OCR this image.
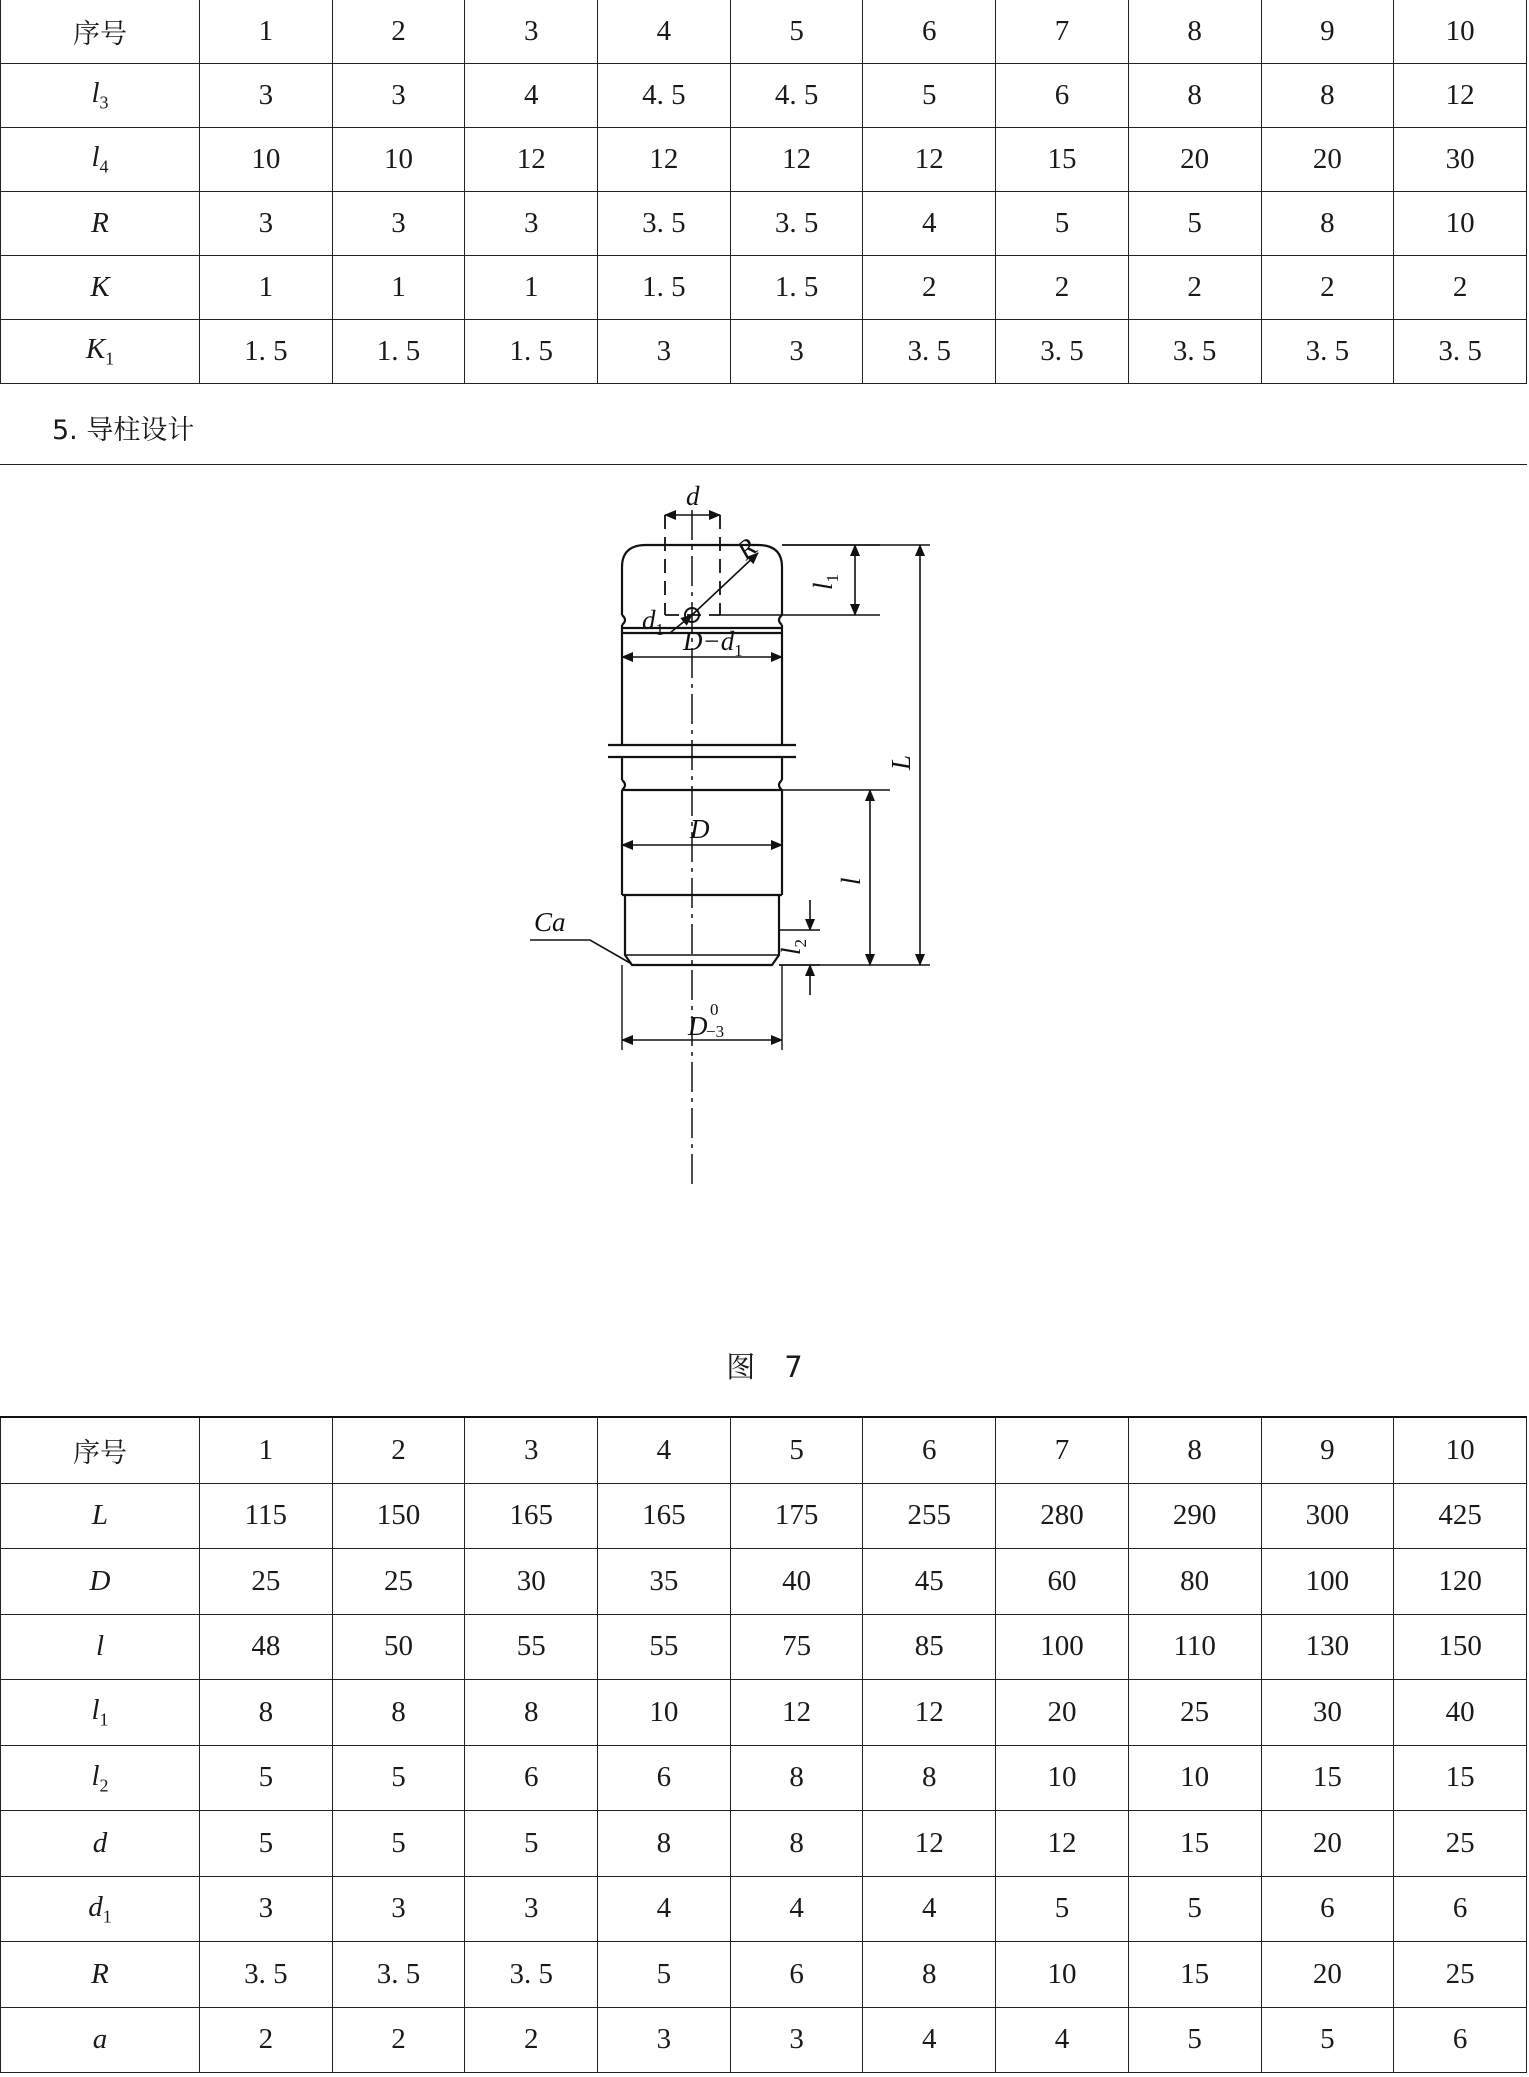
序号	1	2	3	4	5	6	7	8	9	10
$l_3$	3	3	4	4. 5	4. 5	5	6	8	8	12
$l_4$	10	10	12	12	12	12	15	20	20	30
R	3	3	3	3. 5	3. 5	4	5	5	8	10
K	1	1	1	1. 5	1. 5	2	2	2	2	2
$K_1$	1. 5	1. 5	1. 5	3	3	3. 5	3. 5	3. 5	3. 5	3. 5
5. 导柱设计
d
R
$l_1$
$d_1$ $D-d_1$
L
D
l
Ca
$l_2$
D
0
−3
图　7
序号	1	2	3	4	5	6	7	8	9	10
L	115	150	165	165	175	255	280	290	300	425
D	25	25	30	35	40	45	60	80	100	120
l	48	50	55	55	75	85	100	110	130	150
$l_1$	8	8	8	10	12	12	20	25	30	40
$l_2$	5	5	6	6	8	8	10	10	15	15
d	5	5	5	8	8	12	12	15	20	25
$d_1$	3	3	3	4	4	4	5	5	6	6
R	3. 5	3. 5	3. 5	5	6	8	10	15	20	25
a	2	2	2	3	3	4	4	5	5	6
